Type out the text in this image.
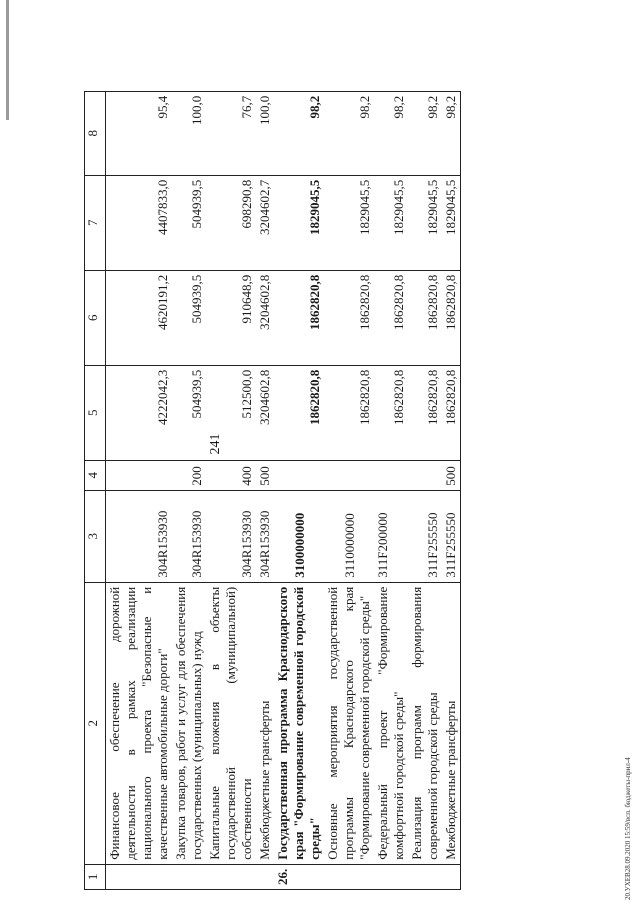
241
1	2	3	4	5	6	7	8
	Финансовое обеспечение дорожной деятельности в рамках реализации национального проекта "Безопасные и качественные автомобильные дороги"	304R153930		4222042,3	4620191,2	4407833,0	95,4
	Закупка товаров, работ и услуг для обеспечения государственных (муниципальных) нужд	304R153930	200	504939,5	504939,5	504939,5	100,0
	Капитальные вложения в объекты государственной (муниципальной) собственности	304R153930	400	512500,0	910648,9	698290,8	76,7
	Межбюджетные трансферты	304R153930	500	3204602,8	3204602,8	3204602,7	100,0
26.	Государственная программа Краснодарского края "Формирование современной городской среды"	3100000000		1862820,8	1862820,8	1829045,5	98,2
	Основные мероприятия государственной программы Краснодарского края "Формирование современной городской среды"	3110000000		1862820,8	1862820,8	1829045,5	98,2
	Федеральный проект "Формирование комфортной городской среды"	311F200000		1862820,8	1862820,8	1829045,5	98,2
	Реализация программ формирования современной городской среды	311F255550		1862820,8	1862820,8	1829045,5	98,2
	Межбюджетные трансферты	311F255550	500	1862820,8	1862820,8	1829045,5	98,2
20.УХЕВ28.09.2020 15:59/всп. бюджеты-прил-4
